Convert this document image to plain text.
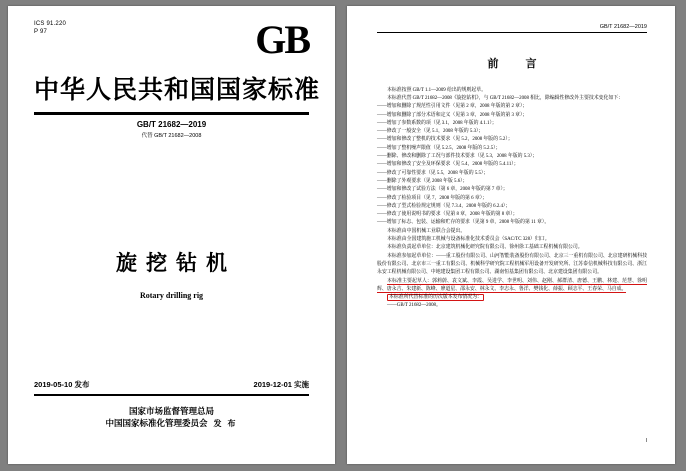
ICS 91.220
P 97	GB
中华人民共和国国家标准
GB/T 21682—2019
代替 GB/T 21682—2008
旋挖钻机
Rotary drilling rig
2019-05-10 发布	2019-12-01 实施
国家市场监督管理总局
中国国家标准化管理委员会 发 布
GB/T 21682—2019
前　言

本标准按照 GB/T 1.1—2009 给出的规则起草。

本标准代替 GB/T 21682—2008《旋挖钻机》，与 GB/T 21682—2008 相比，除编辑性修改外主要技术变化如下：

——增加和删除了规范性引用文件（见第 2 章，2008 年版的第 2 章）；

——增加和删除了部分术语和定义（见第 3 章，2008 年版的第 3 章）；

——增加了参数系数的项（见 3.1，2008 年版的 4.1.1）；

——修改了一般安全（见 5.1，2008 年版的 5.3）；

——增加和修改了整机的技术要求（见 5.2，2008 年版的 5.2）；

——增加了整机噪声限值（见 5.2.5，2008 年版的 5.2.5）；

——删除、修改和删除了工况与部件技术要求（见 5.3，2008 年版的 5.3）；

——增加和修改了安全及环保要求（见 5.4，2008 年版的 5.4.11）；

——修改了可靠性要求（见 5.5，2008 年版的 5.5）；

——删除了外观要求（见 2008 年版 5.6）；

——增加和修改了试验方法（第 6 章，2008 年版的第 7 章）；

——修改了检验项目（见 7，2008 年版的第 6 章）；

——修改了型式检验规定规则（见 7.3.4，2008 年版的 6.2.4）；

——修改了使用说明书的要求（见第 8 章，2008 年版的第 8 章）；

——增加了标志、包装、运输和贮存的要求（见第 9 章，2008 年版的第 11 章）。

本标准由中国机械工业联合会提出。

本标准由全国建筑施工机械与设备标准化技术委员会（SAC/TC 328）归口。

本标准负责起草单位：北京建筑机械化研究院有限公司、徐州徐工基础工程机械有限公司。

本标准参加起草单位：——重工股份有限公司、山河智能装备股份有限公司、北京三一重机有限公司、北京建研机械科技股份有限公司、北京市三一重工有限公司、机械科学研究院工程机械军用设备开发研究所、江苏泰信机械科技有限公司、浙江永安工程机械有限公司、中地建设集团工程有限公司、湖南恒基集团有限公司、北京建设集团有限公司。

本标准主要起草人：郭莉蔚、袁文斌、李霞、吴进学、李世明、刘伟、赵刚、郝群清、唐德、王鹏、林建、范慧、徐明辉、唐永吉、朱建新、陈峰、廖道星、邵永安、林永文、李志永、鲁洋、樊钱化、薛振、顾志平、王春荣、马自成。

本标准所代替标准的历次版本发布情况为：

——GB/T 21682—2008。

I
